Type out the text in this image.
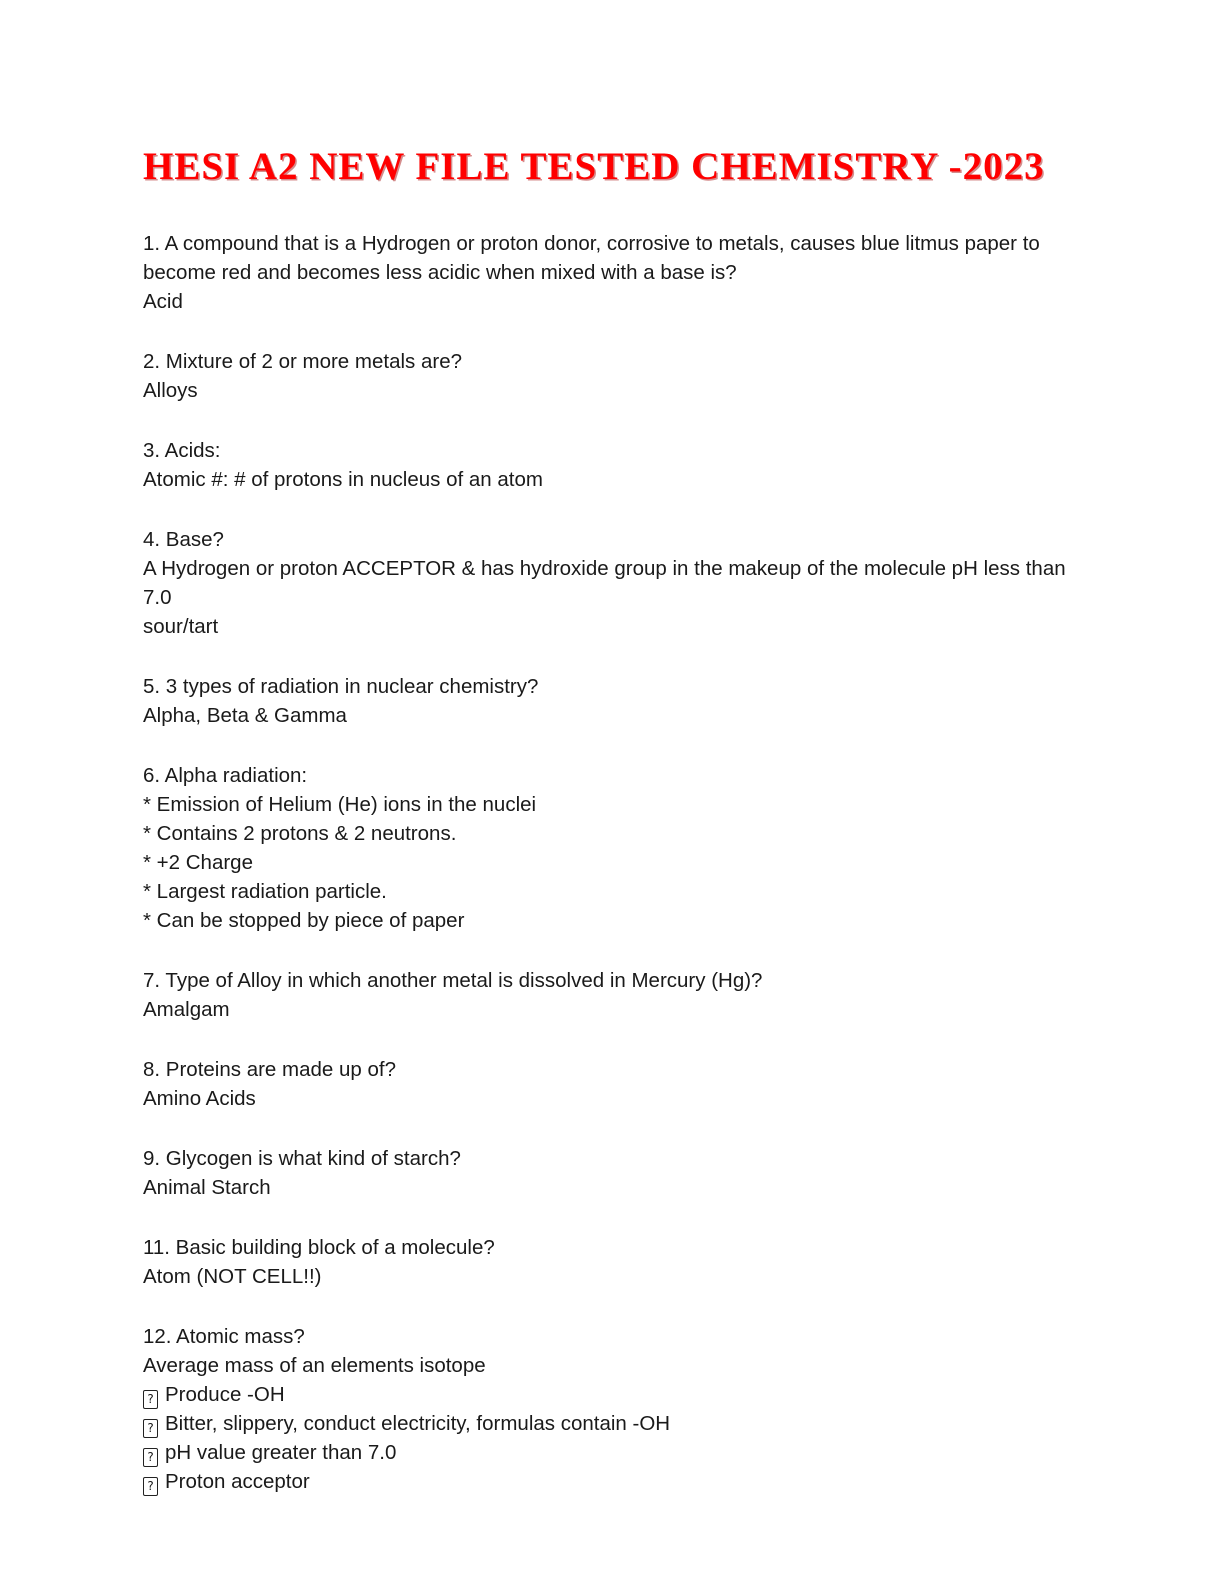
HESI A2 NEW FILE TESTED CHEMISTRY -2023
1. A compound that is a Hydrogen or proton donor, corrosive to metals, causes blue litmus paper to
become red and becomes less acidic when mixed with a base is?
Acid
2. Mixture of 2 or more metals are?
Alloys
3. Acids:
Atomic #: # of protons in nucleus of an atom
4. Base?
A Hydrogen or proton ACCEPTOR & has hydroxide group in the makeup of the molecule pH less than 7.0
sour/tart
5. 3 types of radiation in nuclear chemistry?
Alpha, Beta & Gamma
6. Alpha radiation:
* Emission of Helium (He) ions in the nuclei
* Contains 2 protons & 2 neutrons.
* +2 Charge
* Largest radiation particle.
* Can be stopped by piece of paper
7. Type of Alloy in which another metal is dissolved in Mercury (Hg)?
Amalgam
8. Proteins are made up of?
Amino Acids
9. Glycogen is what kind of starch?
Animal Starch
11. Basic building block of a molecule?
Atom (NOT CELL!!)
12. Atomic mass?
Average mass of an elements isotope
? Produce -OH
? Bitter, slippery, conduct electricity, formulas contain -OH
? pH value greater than 7.0
? Proton acceptor
